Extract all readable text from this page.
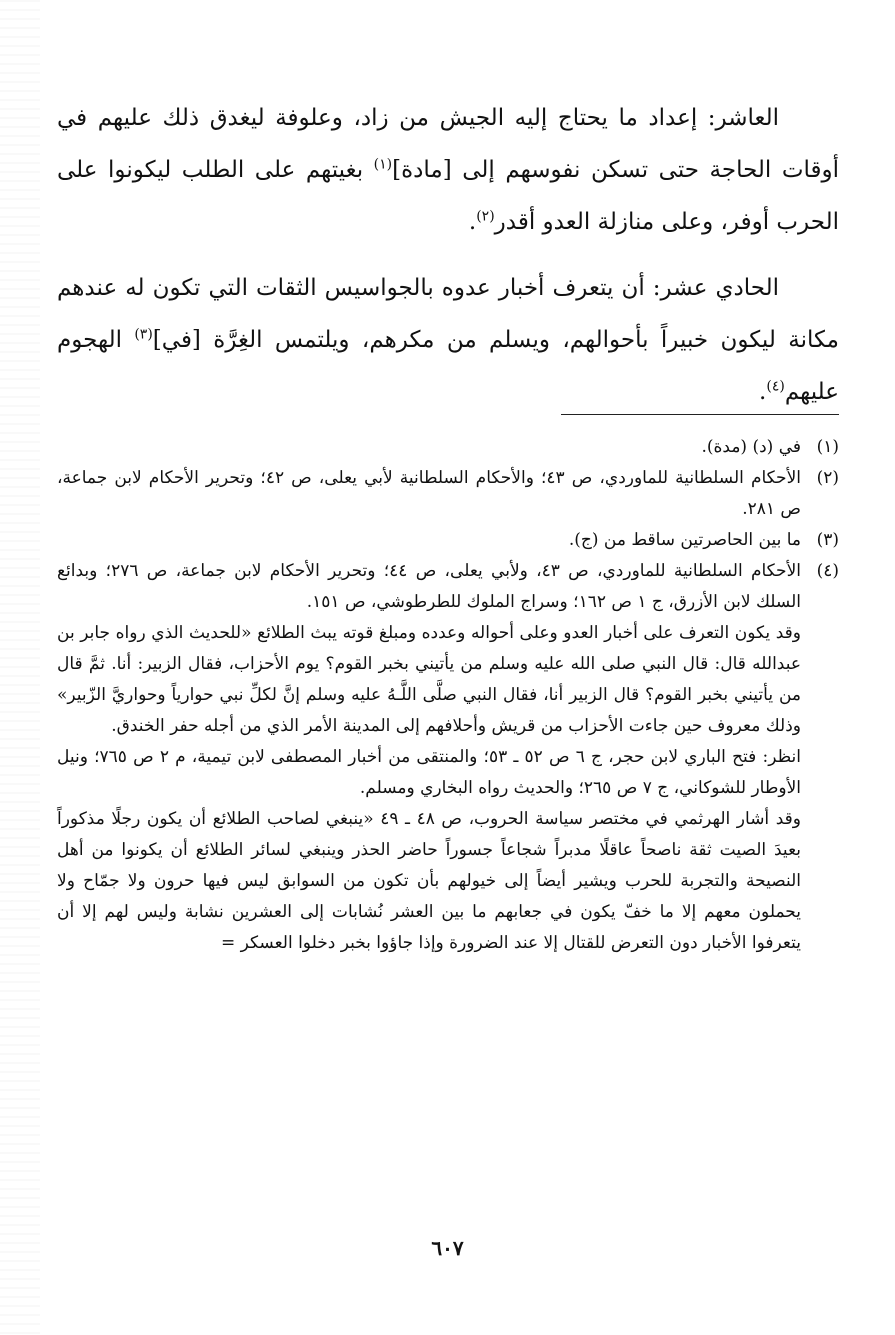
العاشر: إعداد ما يحتاج إليه الجيش من زاد، وعلوفة ليغدق ذلك عليهم في أوقات الحاجة حتى تسكن نفوسهم إلى [مادة]$^{(١)}$ بغيتهم على الطلب ليكونوا على الحرب أوفر، وعلى منازلة العدو أقدر$^{(٢)}$.

الحادي عشر: أن يتعرف أخبار عدوه بالجواسيس الثقات التي تكون له عندهم مكانة ليكون خبيراً بأحوالهم، ويسلم من مكرهم، ويلتمس الغِرَّة [في]$^{(٣)}$ الهجوم عليهم$^{(٤)}$.

(١)

في (د) (مدة).

(٢)

الأحكام السلطانية للماوردي، ص ٤٣؛ والأحكام السلطانية لأبي يعلى، ص ٤٢؛ وتحرير الأحكام لابن جماعة، ص ٢٨١.

(٣)

ما بين الحاصرتين ساقط من (ج).

(٤)

الأحكام السلطانية للماوردي، ص ٤٣، ولأبي يعلى، ص ٤٤؛ وتحرير الأحكام لابن جماعة، ص ٢٧٦؛ وبدائع السلك لابن الأزرق، ج ١ ص ١٦٢؛ وسراج الملوك للطرطوشي، ص ١٥١.

وقد يكون التعرف على أخبار العدو وعلى أحواله وعدده ومبلغ قوته يبث الطلائع «للحديث الذي رواه جابر بن عبدالله قال: قال النبي صلى الله عليه وسلم من يأتيني بخبر القوم؟ يوم الأحزاب، فقال الزبير: أنا. ثمَّ قال من يأتيني بخبر القوم؟ قال الزبير أنا، فقال النبي صلَّى اللَّـهُ عليه وسلم إنَّ لكلِّ نبي حوارياً وحواريَّ الزّبير» وذلك معروف حين جاءت الأحزاب من قريش وأحلافهم إلى المدينة الأمر الذي من أجله حفر الخندق.

انظر: فتح الباري لابن حجر، ج ٦ ص ٥٢ ـ ٥٣؛ والمنتقى من أخبار المصطفى لابن تيمية، م ٢ ص ٧٦٥؛ ونيل الأوطار للشوكاني، ج ٧ ص ٢٦٥؛ والحديث رواه البخاري ومسلم.

وقد أشار الهرثمي في مختصر سياسة الحروب، ص ٤٨ ـ ٤٩ «ينبغي لصاحب الطلائع أن يكون رجلًا مذكوراً بعيدَ الصيت ثقة ناصحاً عاقلًا مدبراً شجاعاً جسوراً حاضر الحذر وينبغي لسائر الطلائع أن يكونوا من أهل النصيحة والتجربة للحرب ويشير أيضاً إلى خيولهم بأن تكون من السوابق ليس فيها حرون ولا جمّاح ولا يحملون معهم إلا ما خفّ يكون في جعابهم ما بين العشر نُشابات إلى العشرين نشابة وليس لهم إلا أن يتعرفوا الأخبار دون التعرض للقتال إلا عند الضرورة وإذا جاؤوا بخبر دخلوا العسكر =

٦٠٧
